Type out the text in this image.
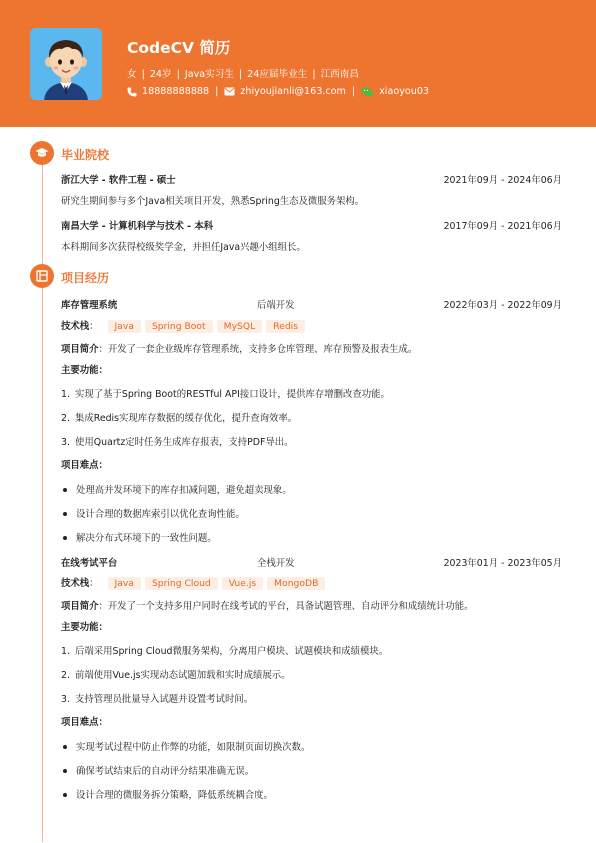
CodeCV 简历
女 | 24岁 | Java实习生 | 24应届毕业生 | 江西南昌
18888888888 | zhiyoujianli@163.com |	xiaoyou03
毕业院校
浙江大学 - 软件工程 - 硕士	2021年09月 - 2024年06月
研究生期间参与多个Java相关项目开发，熟悉Spring生态及微服务架构。
南昌大学 - 计算机科学与技术 - 本科	2017年09月 - 2021年06月
本科期间多次获得校级奖学金，并担任Java兴趣小组组长。
项目经历
库存管理系统	后端开发	2022年03月 - 2022年09月
技术栈：	Java	Spring Boot	MySQL	Redis
项目简介：开发了一套企业级库存管理系统，支持多仓库管理、库存预警及报表生成。
主要功能：
1. 实现了基于Spring Boot的RESTful API接口设计，提供库存增删改查功能。
2. 集成Redis实现库存数据的缓存优化，提升查询效率。
3. 使用Quartz定时任务生成库存报表，支持PDF导出。
项目难点：
处理高并发环境下的库存扣减问题，避免超卖现象。
设计合理的数据库索引以优化查询性能。
解决分布式环境下的一致性问题。
在线考试平台	全栈开发	2023年01月 - 2023年05月
技术栈：	Java	Spring Cloud	Vue.js	MongoDB
项目简介：开发了一个支持多用户同时在线考试的平台，具备试题管理、自动评分和成绩统计功能。
主要功能：
1. 后端采用Spring Cloud微服务架构，分离用户模块、试题模块和成绩模块。
2. 前端使用Vue.js实现动态试题加载和实时成绩展示。
3. 支持管理员批量导入试题并设置考试时间。
项目难点：
实现考试过程中防止作弊的功能，如限制页面切换次数。
确保考试结束后的自动评分结果准确无误。
设计合理的微服务拆分策略，降低系统耦合度。
